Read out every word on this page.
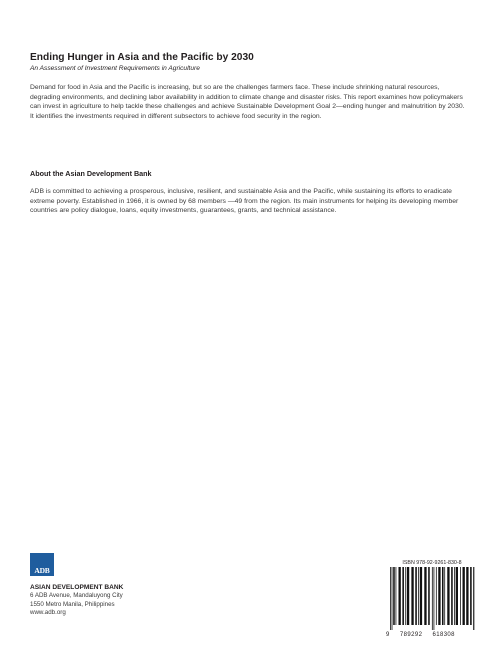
Ending Hunger in Asia and the Pacific by 2030
An Assessment of Investment Requirements in Agriculture

Demand for food in Asia and the Pacific is increasing, but so are the challenges farmers face. These include shrinking natural resources, degrading environments, and declining labor availability in addition to climate change and disaster risks. This report examines how policymakers can invest in agriculture to help tackle these challenges and achieve Sustainable Development Goal 2—ending hunger and malnutrition by 2030. It identifies the investments required in different subsectors to achieve food security in the region.

About the Asian Development Bank

ADB is committed to achieving a prosperous, inclusive, resilient, and sustainable Asia and the Pacific, while sustaining its efforts to eradicate extreme poverty. Established in 1966, it is owned by 68 members —49 from the region. Its main instruments for helping its developing member countries are policy dialogue, loans, equity investments, guarantees, grants, and technical assistance.

ADB
ASIAN DEVELOPMENT BANK
6 ADB Avenue, Mandaluyong City
1550 Metro Manila, Philippines
www.adb.org
ISBN 978-92-9261-830-8
9 789292 618308
